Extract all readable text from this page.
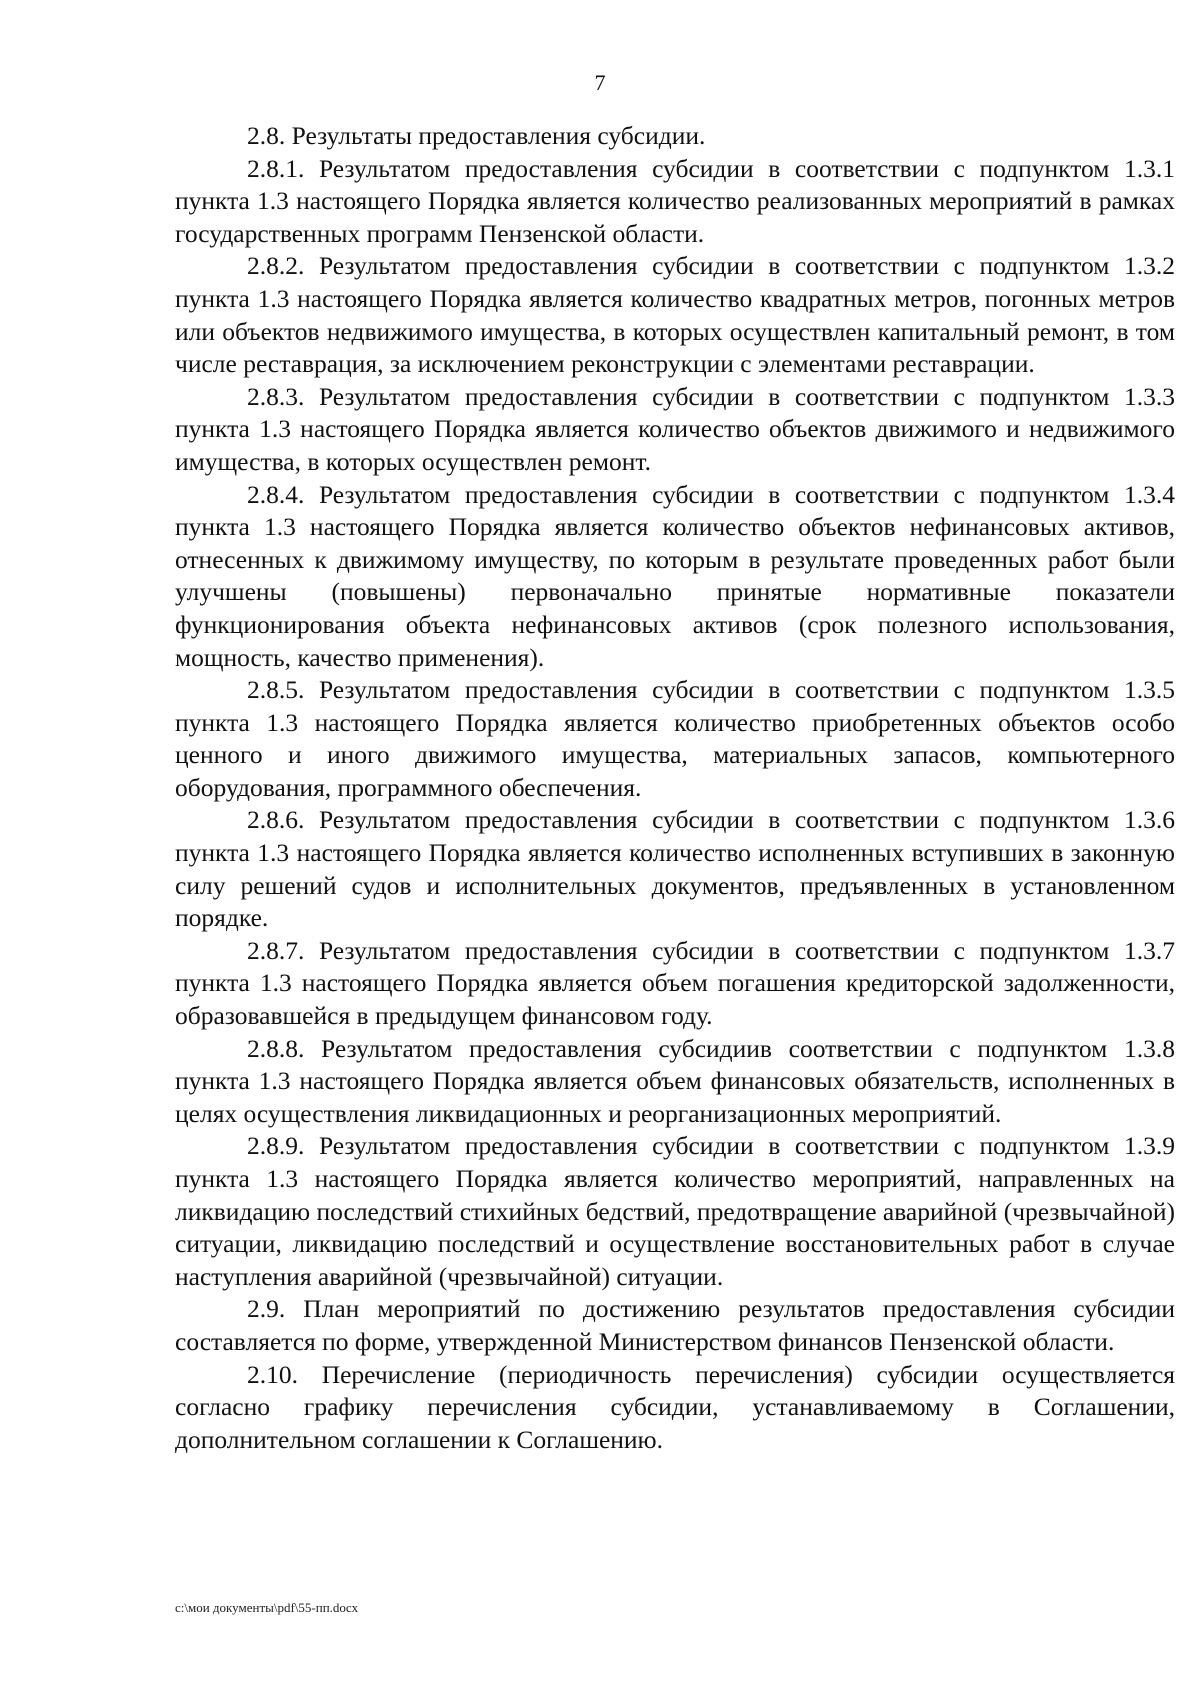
7

2.8. Результаты предоставления субсидии.

2.8.1. Результатом предоставления субсидии в соответствии с подпунктом 1.3.1 пункта 1.3 настоящего Порядка является количество реализованных мероприятий в рамках государственных программ Пензенской области.

2.8.2. Результатом предоставления субсидии в соответствии с подпунктом 1.3.2 пункта 1.3 настоящего Порядка является количество квадратных метров, погонных метров или объектов недвижимого имущества, в которых осуществлен капитальный ремонт, в том числе реставрация, за исключением реконструкции с элементами реставрации.

2.8.3. Результатом предоставления субсидии в соответствии с подпунктом 1.3.3 пункта 1.3 настоящего Порядка является количество объектов движимого и недвижимого имущества, в которых осуществлен ремонт.

2.8.4. Результатом предоставления субсидии в соответствии с подпунктом 1.3.4 пункта 1.3 настоящего Порядка является количество объектов нефинансовых активов, отнесенных к движимому имуществу, по которым в результате проведенных работ были улучшены (повышены) первоначально принятые нормативные показатели функционирования объекта нефинансовых активов (срок полезного использования, мощность, качество применения).

2.8.5. Результатом предоставления субсидии в соответствии с подпунктом 1.3.5 пункта 1.3 настоящего Порядка является количество приобретенных объектов особо ценного и иного движимого имущества, материальных запасов, компьютерного оборудования, программного обеспечения.

2.8.6. Результатом предоставления субсидии в соответствии с подпунктом 1.3.6 пункта 1.3 настоящего Порядка является количество исполненных вступивших в законную силу решений судов и исполнительных документов, предъявленных в установленном порядке.

2.8.7. Результатом предоставления субсидии в соответствии с подпунктом 1.3.7 пункта 1.3 настоящего Порядка является объем погашения кредиторской задолженности, образовавшейся в предыдущем финансовом году.

2.8.8. Результатом предоставления субсидиив соответствии с подпунктом 1.3.8 пункта 1.3 настоящего Порядка является объем финансовых обязательств, исполненных в целях осуществления ликвидационных и реорганизационных мероприятий.

2.8.9. Результатом предоставления субсидии в соответствии с подпунктом 1.3.9 пункта 1.3 настоящего Порядка является количество мероприятий, направленных на ликвидацию последствий стихийных бедствий, предотвращение аварийной (чрезвычайной) ситуации, ликвидацию последствий и осуществление восстановительных работ в случае наступления аварийной (чрезвычайной) ситуации.

2.9. План мероприятий по достижению результатов предоставления субсидии составляется по форме, утвержденной Министерством финансов Пензенской области.

2.10. Перечисление (периодичность перечисления) субсидии осуществляется согласно графику перечисления субсидии, устанавливаемому в Соглашении, дополнительном соглашении к Соглашению.

c:\мои документы\pdf\55-пп.docx
